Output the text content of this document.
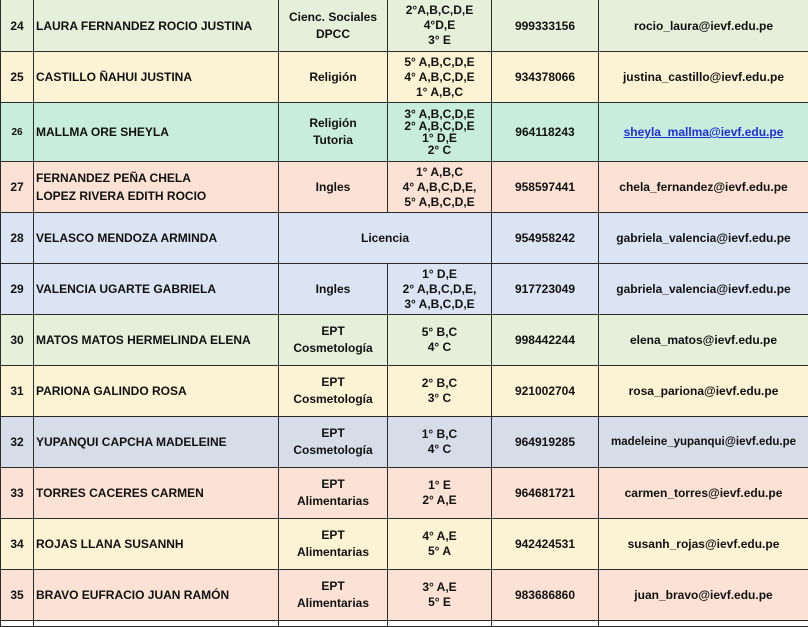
24	LAURA FERNANDEZ ROCIO JUSTINA	Cienc. Sociales
DPCC	2°A,B,C,D,E
4°D,E
3° E	999333156	rocio_laura@ievf.edu.pe
25	CASTILLO ÑAHUI JUSTINA	Religión	5° A,B,C,D,E
4° A,B,C,D,E
1° A,B,C	934378066	justina_castillo@ievf.edu.pe
26	MALLMA ORE SHEYLA	Religión
Tutoria	3° A,B,C,D,E
2° A,B,C,D,E
1° D,E
2° C	964118243	sheyla_mallma@ievf.edu.pe
27	FERNANDEZ PEÑA CHELA
LOPEZ RIVERA EDITH ROCIO	Ingles	1° A,B,C
4° A,B,C,D,E,
5° A,B,C,D,E	958597441	chela_fernandez@ievf.edu.pe
28	VELASCO MENDOZA ARMINDA	Licencia		954958242	gabriela_valencia@ievf.edu.pe
29	VALENCIA UGARTE GABRIELA	Ingles	1° D,E
2° A,B,C,D,E,
3° A,B,C,D,E	917723049	gabriela_valencia@ievf.edu.pe
30	MATOS MATOS HERMELINDA ELENA	EPT
Cosmetología	5° B,C
4° C	998442244	elena_matos@ievf.edu.pe
31	PARIONA GALINDO ROSA	EPT
Cosmetología	2° B,C
3° C	921002704	rosa_pariona@ievf.edu.pe
32	YUPANQUI CAPCHA MADELEINE	EPT
Cosmetología	1° B,C
4° C	964919285	madeleine_yupanqui@ievf.edu.pe
33	TORRES CACERES CARMEN	EPT
Alimentarias	1° E
2° A,E	964681721	carmen_torres@ievf.edu.pe
34	ROJAS LLANA SUSANNH	EPT
Alimentarias	4° A,E
5° A	942424531	susanh_rojas@ievf.edu.pe
35	BRAVO EUFRACIO JUAN RAMÓN	EPT
Alimentarias	3° A,E
5° E	983686860	juan_bravo@ievf.edu.pe
